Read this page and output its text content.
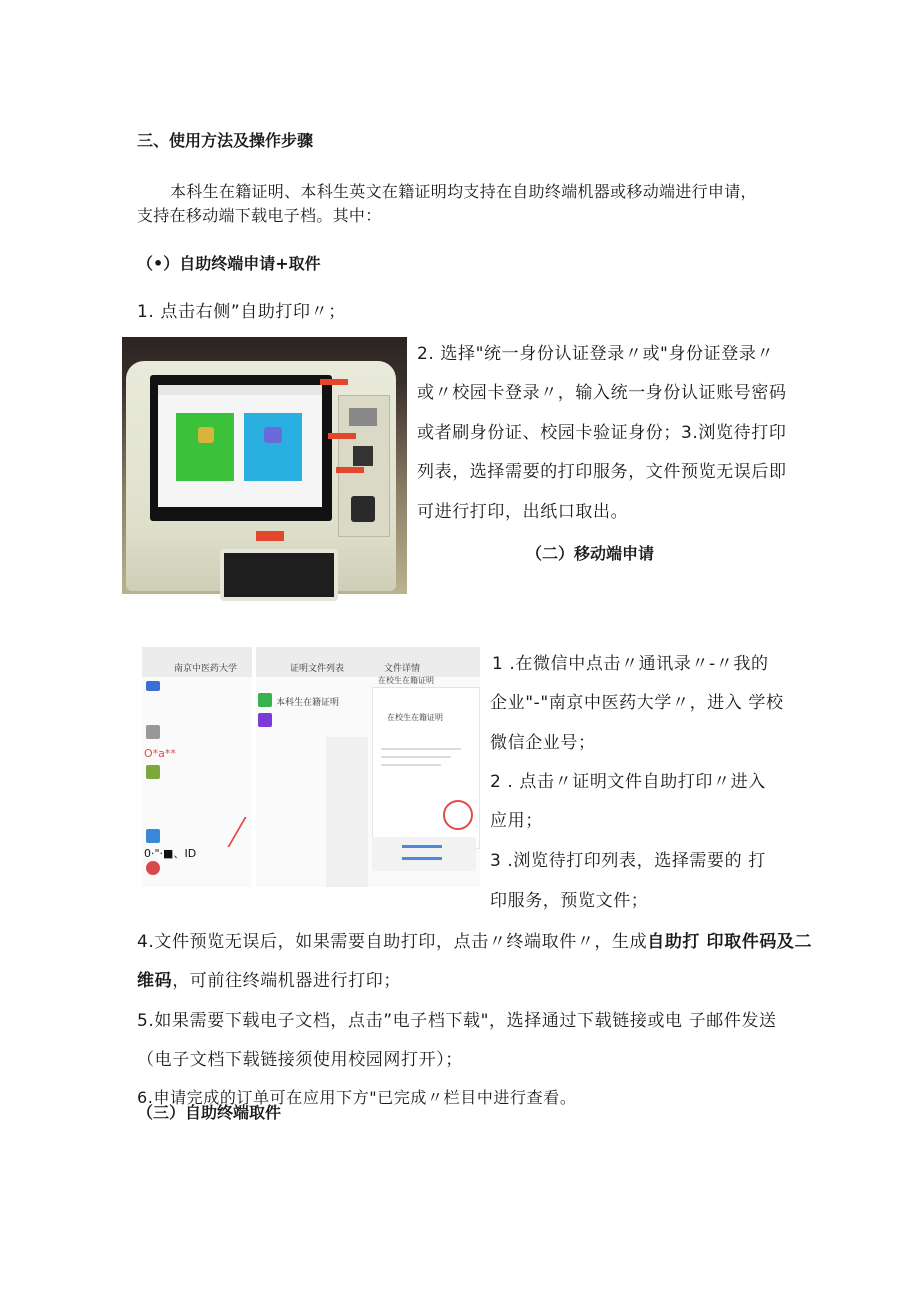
三、使用方法及操作步骤
本科生在籍证明、本科生英文在籍证明均支持在自助终端机器或移动端进行申请，
支持在移动端下载电子档。其中：
（•）自助终端申请+取件
1. 点击右侧”自助打印〃；
2. 选择"统一身份认证登录〃或"身份证登录〃
或〃校园卡登录〃，输入统一身份认证账号密码
或者刷身份证、校园卡验证身份；3.浏览待打印
列表，选择需要的打印服务，文件预览无误后即
可进行打印，出纸口取出。
（二）移动端申请
南京中医药大学
O*a**
0·"·■、ID
证明文件列表
本科生在籍证明
文件详情
在校生在籍证明
在校生在籍证明
1 .在微信中点击〃通讯录〃-〃我的
企业"-"南京中医药大学〃，进入 学校
微信企业号；
2 . 点击〃证明文件自助打印〃进入
应用；
3 .浏览待打印列表，选择需要的 打
印服务，预览文件；
4.文件预览无误后，如果需要自助打印，点击〃终端取件〃，生成自助打 印取件码及二
维码，可前往终端机器进行打印；
5.如果需要下载电子文档，点击”电子档下载"，选择通过下载链接或电 子邮件发送
（电子文档下载链接须使用校园网打开）；
6.申请完成的订单可在应用下方"已完成〃栏目中进行查看。
（三）自助终端取件
